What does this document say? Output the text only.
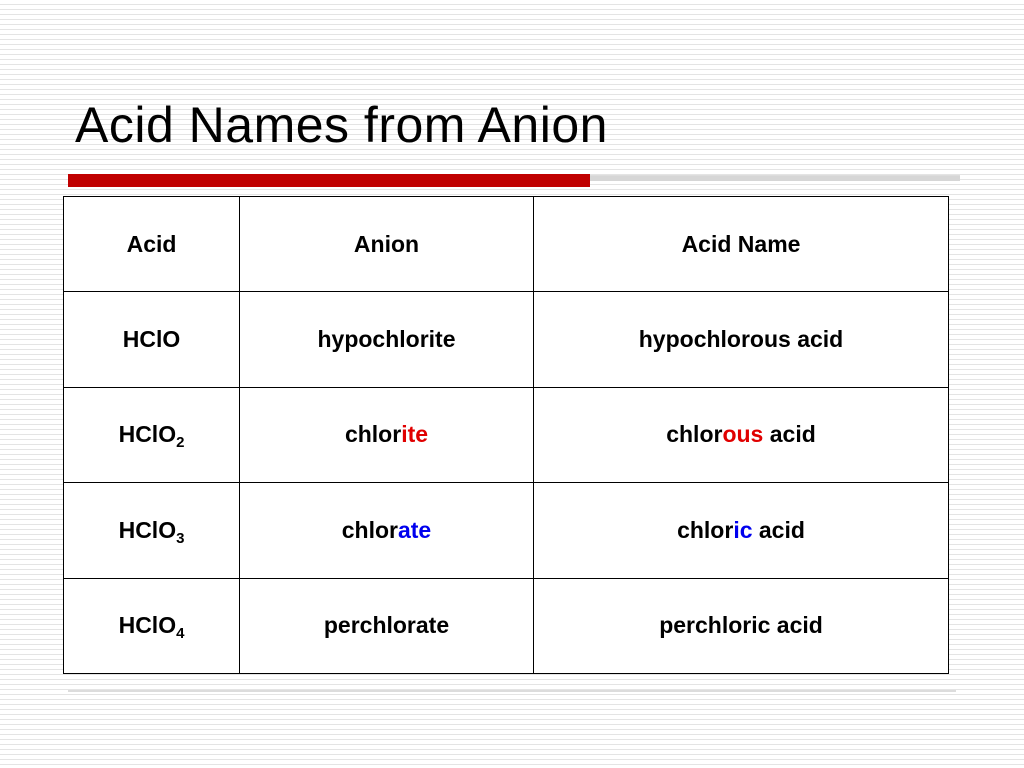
Acid Names from Anion
Acid	Anion	Acid Name
HClO	hypochlorite	hypochlorous acid
HClO$_2$	chlorite	chlorous acid
HClO$_3$	chlorate	chloric acid
HClO$_4$	perchlorate	perchloric acid
